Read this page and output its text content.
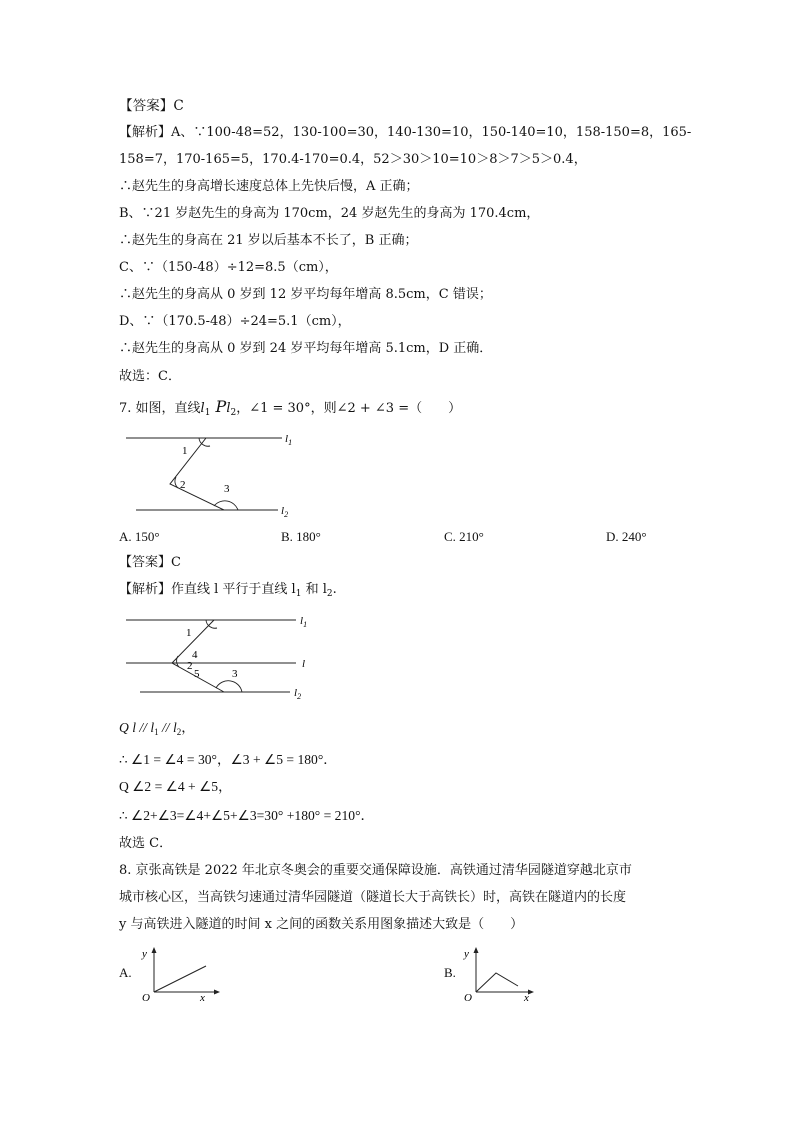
【答案】C
【解析】A、∵100-48=52，130-100=30，140-130=10，150-140=10，158-150=8，165-
158=7，170-165=5，170.4-170=0.4，52＞30＞10=10＞8＞7＞5＞0.4，
∴赵先生的身高增长速度总体上先快后慢，A 正确；
B、∵21 岁赵先生的身高为 170cm，24 岁赵先生的身高为 170.4cm，
∴赵先生的身高在 21 岁以后基本不长了，B 正确；
C、∵（150-48）÷12=8.5（cm），
∴赵先生的身高从 0 岁到 12 岁平均每年增高 8.5cm，C 错误；
D、∵（170.5-48）÷24=5.1（cm），
∴赵先生的身高从 0 岁到 24 岁平均每年增高 5.1cm，D 正确．
故选：C．
7. 如图，直线$l_1$ $Pl_2$，∠1 = 30°，则∠2 + ∠3 =（　　）
1
2	3
$l_1$
$l_2$
A. 150°	B. 180°	C. 210°	D. 240°
【答案】C
【解析】作直线 l 平行于直线 $l_1$ 和 $l_2$.
1
4
2
5	3
$l_1$
l
$l_2$
Q l // $l_1 // l_2$，
∴ ∠1 = ∠4 = 30°，∠3 + ∠5 = 180°．
Q ∠2 = ∠4 + ∠5，
∴ ∠2+∠3=∠4+∠5+∠3=30° +180° = 210°．
故选 C．
8. 京张高铁是 2022 年北京冬奥会的重要交通保障设施．高铁通过清华园隧道穿越北京市
城市核心区，当高铁匀速通过清华园隧道（隧道长大于高铁长）时，高铁在隧道内的长度
y 与高铁进入隧道的时间 x 之间的函数关系用图象描述大致是（　　）
A.
y
O	x
B.
y
O	x
